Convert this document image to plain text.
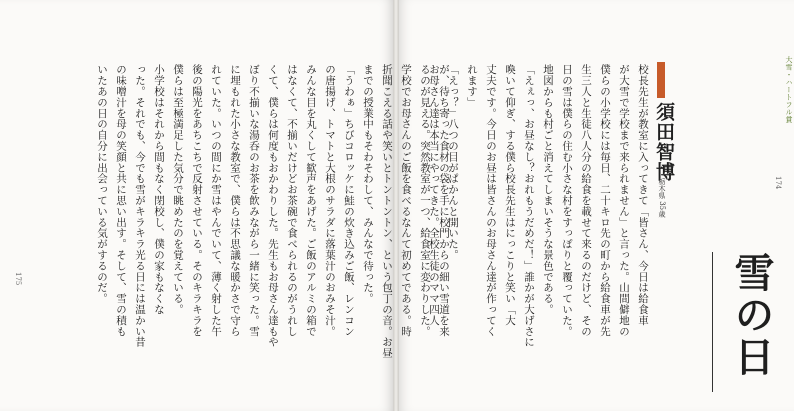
が、待ち寄った食材の袋を手に校門からの細い雪道を来
るのが見える。突然教室が一つ、給食室に変わりした。
学校でお母さんのご飯を食べるなんて初めてである。時
折聞こえる話や笑いとトントントン、という包丁の音。お昼
までの授業中もそわそわして、みんなで待った。
「うわぁ」ちびコロッケに鮭の炊き込みご飯、レンコン
の唐揚げ、トマトと大根のサラダに落葉汁のおみそ汁。
みんな目を丸くして歓声をあげた。ご飯のアルミの箱で
はなくて、不揃いだけどお茶碗で食べられるのがうれし
くて、僕らは何度もおかわりした。先生もお母さん達もや
ぼり不揃いな湯呑のお茶を飲みながら一緒に笑った。雪
に埋もれた小さな教室で、僕らは不思議な暖かさで守ら
れていた。いつの間にか雪はやんでいて、薄く射した午
後の陽光をあちこちで反射させている。そのキラキラを
僕らは至極満足した気分で眺めたのを覚えている。
小学校はそれから間もなく閉校し、僕の家もなくな
った。それでも、今でも雪がキラキラ光る日には温かい昔
の味噌汁を母の笑顔と共に思い出す。そして、雪の積も
いたあの日の自分に出会っている気がするのだ。	校長先生が教室に入ってきて「皆さん、今日は給食車
が大雪で学校まで来られません」と言った。山間僻地の
僕らの小学校には毎日、二十キロ先の町から給食車が先
生三人と生徒八人分の給食を載せて来るのだけど、その
日の雪は僕らの住む小さな村をすっぽりと覆っていた。
地図からも村ごと消えてしまいそうな景色である。
「えぇっ、お昼なし？おれもうだめだ！」誰かが大げさに
喚いて仰ぎ、する僕ら校長先生はにっこりと笑い「大
丈夫です。今日のお昼は皆さんのお母さん達が作ってく
れます」
「えっ？」八つの目がぱかんと開いた。
お母さん達は本当にやってきた。全校生徒のママ四人
175
174
大雪・ハートフル賞
須田智博
栃木県 35歳
雪の日
